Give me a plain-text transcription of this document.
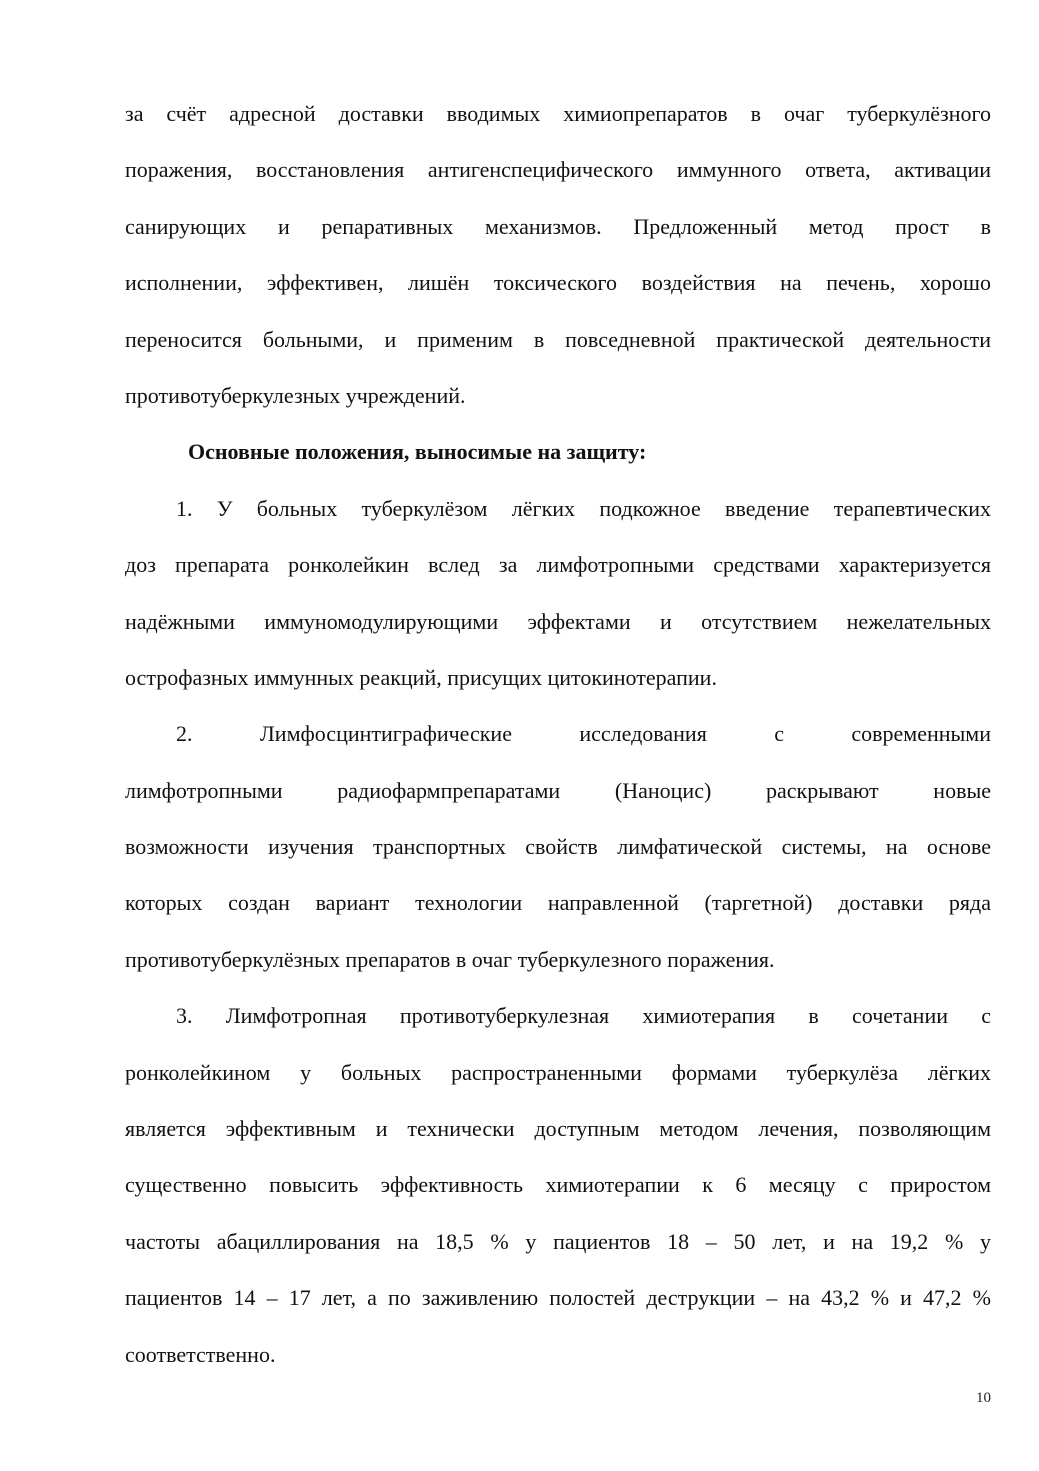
за счёт адресной доставки вводимых химиопрепаратов в очаг туберкулёзного
поражения, восстановления антигенспецифического иммунного ответа, активации
санирующих и репаративных механизмов. Предложенный метод прост в
исполнении, эффективен, лишён токсического воздействия на печень, хорошо
переносится больными, и применим в повседневной практической деятельности
противотуберкулезных учреждений.
Основные положения, выносимые на защиту:
1. У больных туберкулёзом лёгких подкожное введение терапевтических
доз препарата ронколейкин вслед за лимфотропными средствами характеризуется
надёжными иммуномодулирующими эффектами и отсутствием нежелательных
острофазных иммунных реакций, присущих цитокинотерапии.
2. Лимфосцинтиграфические исследования с современными
лимфотропными радиофармпрепаратами (Наноцис) раскрывают новые
возможности изучения транспортных свойств лимфатической системы, на основе
которых создан вариант технологии направленной (таргетной) доставки ряда
противотуберкулёзных препаратов в очаг туберкулезного поражения.
3. Лимфотропная противотуберкулезная химиотерапия в сочетании с
ронколейкином у больных распространенными формами туберкулёза лёгких
является эффективным и технически доступным методом лечения, позволяющим
существенно повысить эффективность химиотерапии к 6 месяцу с приростом
частоты абациллирования на 18,5 % у пациентов 18 – 50 лет, и на 19,2 % у
пациентов 14 – 17 лет, а по заживлению полостей деструкции – на 43,2 % и 47,2 %
соответственно.
10
